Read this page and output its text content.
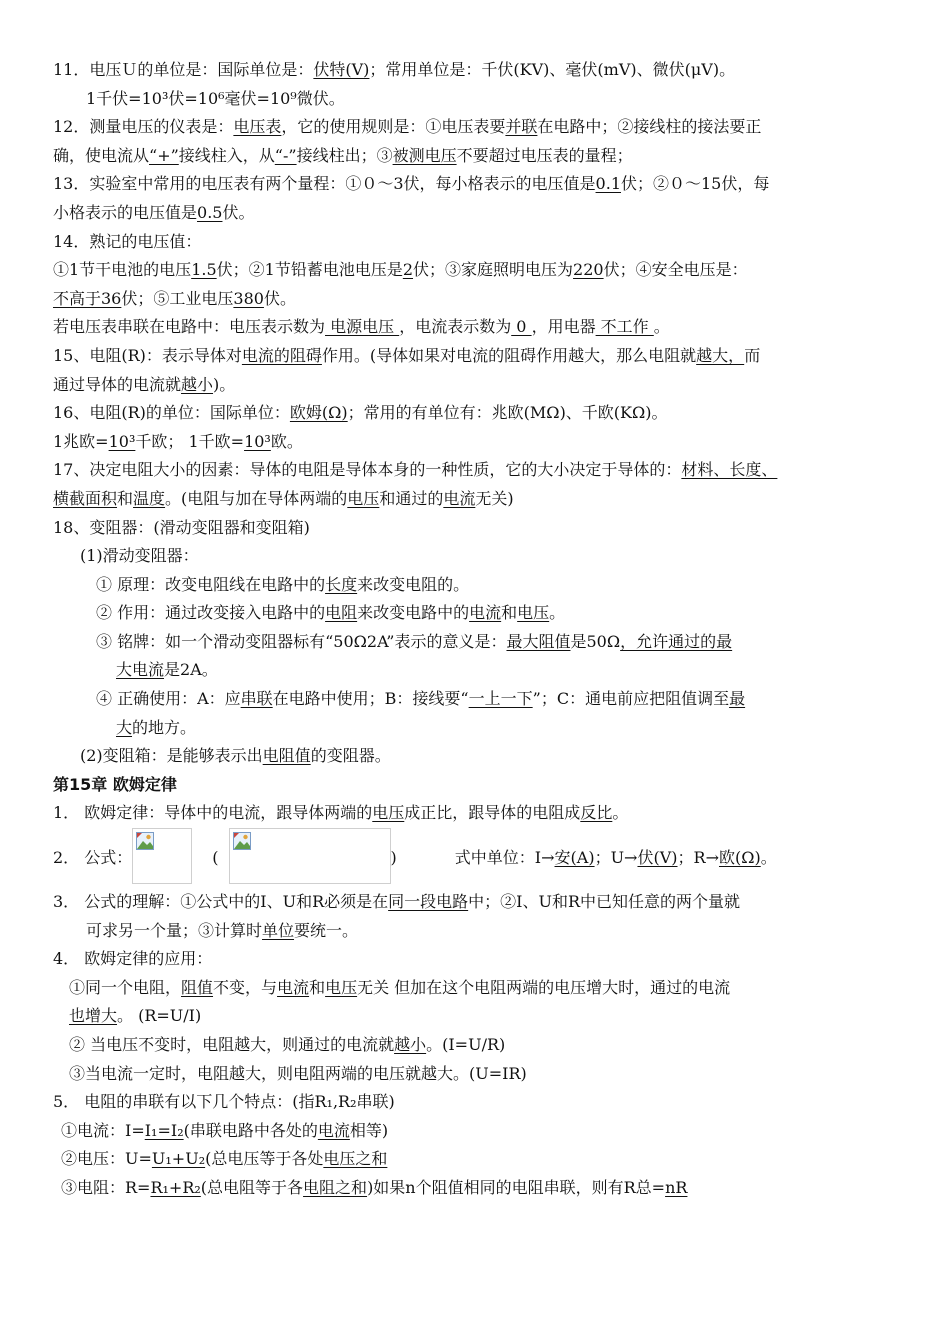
11．电压Ｕ的单位是：国际单位是：伏特(V)；常用单位是：千伏(KV)、毫伏(mV)、微伏(μV)。
1千伏=10³伏=10⁶毫伏=10⁹微伏。
12．测量电压的仪表是：电压表，它的使用规则是：①电压表要并联在电路中；②接线柱的接法要正
确，使电流从“+”接线柱入，从“-”接线柱出；③被测电压不要超过电压表的量程；
13．实验室中常用的电压表有两个量程：①０～3伏，每小格表示的电压值是0.1伏；②０～15伏，每
小格表示的电压值是0.5伏。
14．熟记的电压值：
①1节干电池的电压1.5伏；②1节铅蓄电池电压是2伏；③家庭照明电压为220伏；④安全电压是：
不高于36伏；⑤工业电压380伏。
若电压表串联在电路中：电压表示数为 电源电压 ，电流表示数为 0 ，用电器 不工作 。
15、电阻(R)：表示导体对电流的阻碍作用。(导体如果对电流的阻碍作用越大，那么电阻就越大，而
通过导体的电流就越小)。
16、电阻(R)的单位：国际单位：欧姆(Ω)；常用的有单位有：兆欧(MΩ)、千欧(KΩ)。
1兆欧=10³千欧； 1千欧=10³欧。
17、决定电阻大小的因素：导体的电阻是导体本身的一种性质，它的大小决定于导体的：材料、长度、
横截面积和温度。(电阻与加在导体两端的电压和通过的电流无关)
18、变阻器：(滑动变阻器和变阻箱)
(1)滑动变阻器：
① 原理：改变电阻线在电路中的长度来改变电阻的。
② 作用：通过改变接入电路中的电阻来改变电路中的电流和电压。
③ 铭牌：如一个滑动变阻器标有“50Ω2A”表示的意义是：最大阻值是50Ω，允许通过的最
大电流是2A。
④ 正确使用：A：应串联在电路中使用；B：接线要“一上一下”；C：通电前应把阻值调至最
大的地方。
(2)变阻箱：是能够表示出电阻值的变阻器。
第15章 欧姆定律
1． 欧姆定律：导体中的电流，跟导体两端的电压成正比，跟导体的电阻成反比。
2． 公式：	(	)	式中单位：I→安(A)；U→伏(V)；R→欧(Ω)。
3． 公式的理解：①公式中的I、U和R必须是在同一段电路中；②I、U和R中已知任意的两个量就
可求另一个量；③计算时单位要统一。
4． 欧姆定律的应用：
①同一个电阻，阻值不变，与电流和电压无关 但加在这个电阻两端的电压增大时，通过的电流
也增大。 (R=U/I)
② 当电压不变时，电阻越大，则通过的电流就越小。(I=U/R)
③当电流一定时，电阻越大，则电阻两端的电压就越大。(U=IR)
5． 电阻的串联有以下几个特点：(指R₁,R₂串联)
①电流：I=I₁=I₂(串联电路中各处的电流相等)
②电压：U=U₁+U₂(总电压等于各处电压之和
③电阻：R=R₁+R₂(总电阻等于各电阻之和)如果n个阻值相同的电阻串联，则有R总=nR
